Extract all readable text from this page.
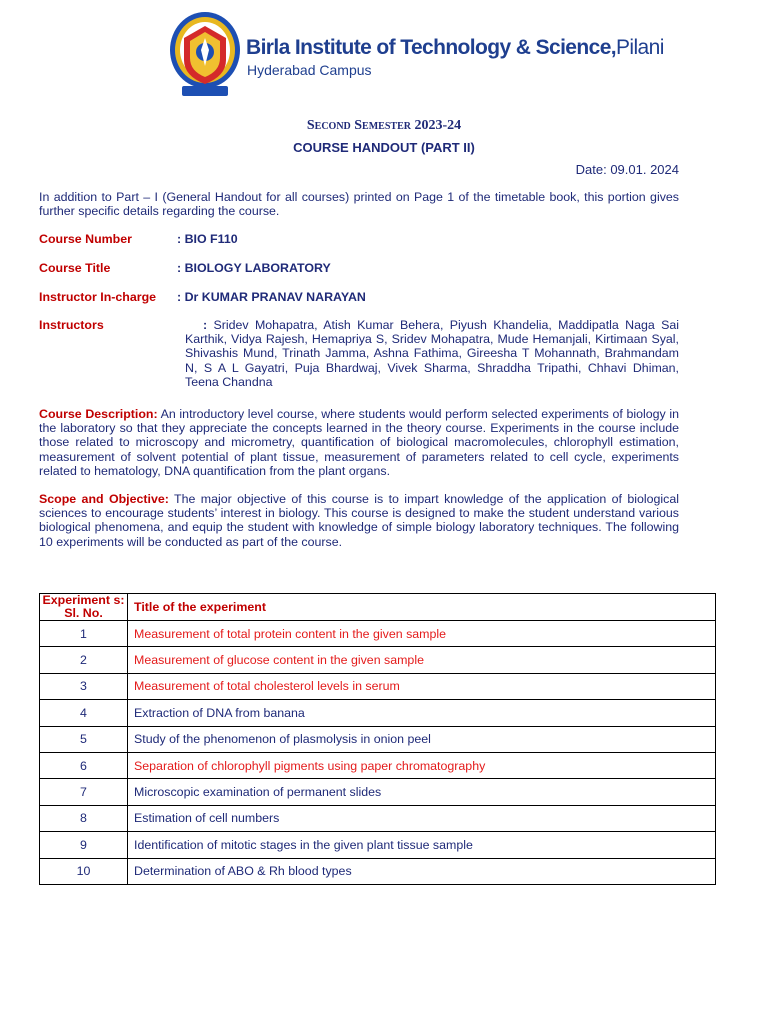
Birla Institute of Technology & Science,Pilani
Hyderabad Campus
Second Semester 2023-24
COURSE HANDOUT (PART II)
Date: 09.01. 2024
In addition to Part – I (General Handout for all courses) printed on Page 1 of the timetable book, this portion gives further specific details regarding the course.
Course Number	: BIO F110
Course Title	: BIOLOGY LABORATORY
Instructor In-charge : Dr KUMAR PRANAV NARAYAN
Instructors	: Sridev Mohapatra, Atish Kumar Behera, Piyush Khandelia, Maddipatla Naga Sai Karthik, Vidya Rajesh, Hemapriya S, Sridev Mohapatra, Mude Hemanjali, Kirtimaan Syal, Shivashis Mund, Trinath Jamma, Ashna Fathima, Gireesha T Mohannath, Brahmandam N, S A L Gayatri, Puja Bhardwaj, Vivek Sharma, Shraddha Tripathi, Chhavi Dhiman, Teena Chandna
Course Description: An introductory level course, where students would perform selected experiments of biology in the laboratory so that they appreciate the concepts learned in the theory course. Experiments in the course include those related to microscopy and micrometry, quantification of biological macromolecules, chlorophyll estimation, measurement of solvent potential of plant tissue, measurement of parameters related to cell cycle, experiments related to hematology, DNA quantification from the plant organs.
Scope and Objective: The major objective of this course is to impart knowledge of the application of biological sciences to encourage students’ interest in biology. This course is designed to make the student understand various biological phenomena, and equip the student with knowledge of simple biology laboratory techniques. The following 10 experiments will be conducted as part of the course.
Experiment s: Sl. No.	Title of the experiment
1	Measurement of total protein content in the given sample
2	Measurement of glucose content in the given sample
3	Measurement of total cholesterol levels in serum
4	Extraction of DNA from banana
5	Study of the phenomenon of plasmolysis in onion peel
6	Separation of chlorophyll pigments using paper chromatography
7	Microscopic examination of permanent slides
8	Estimation of cell numbers
9	Identification of mitotic stages in the given plant tissue sample
10	Determination of ABO & Rh blood types
